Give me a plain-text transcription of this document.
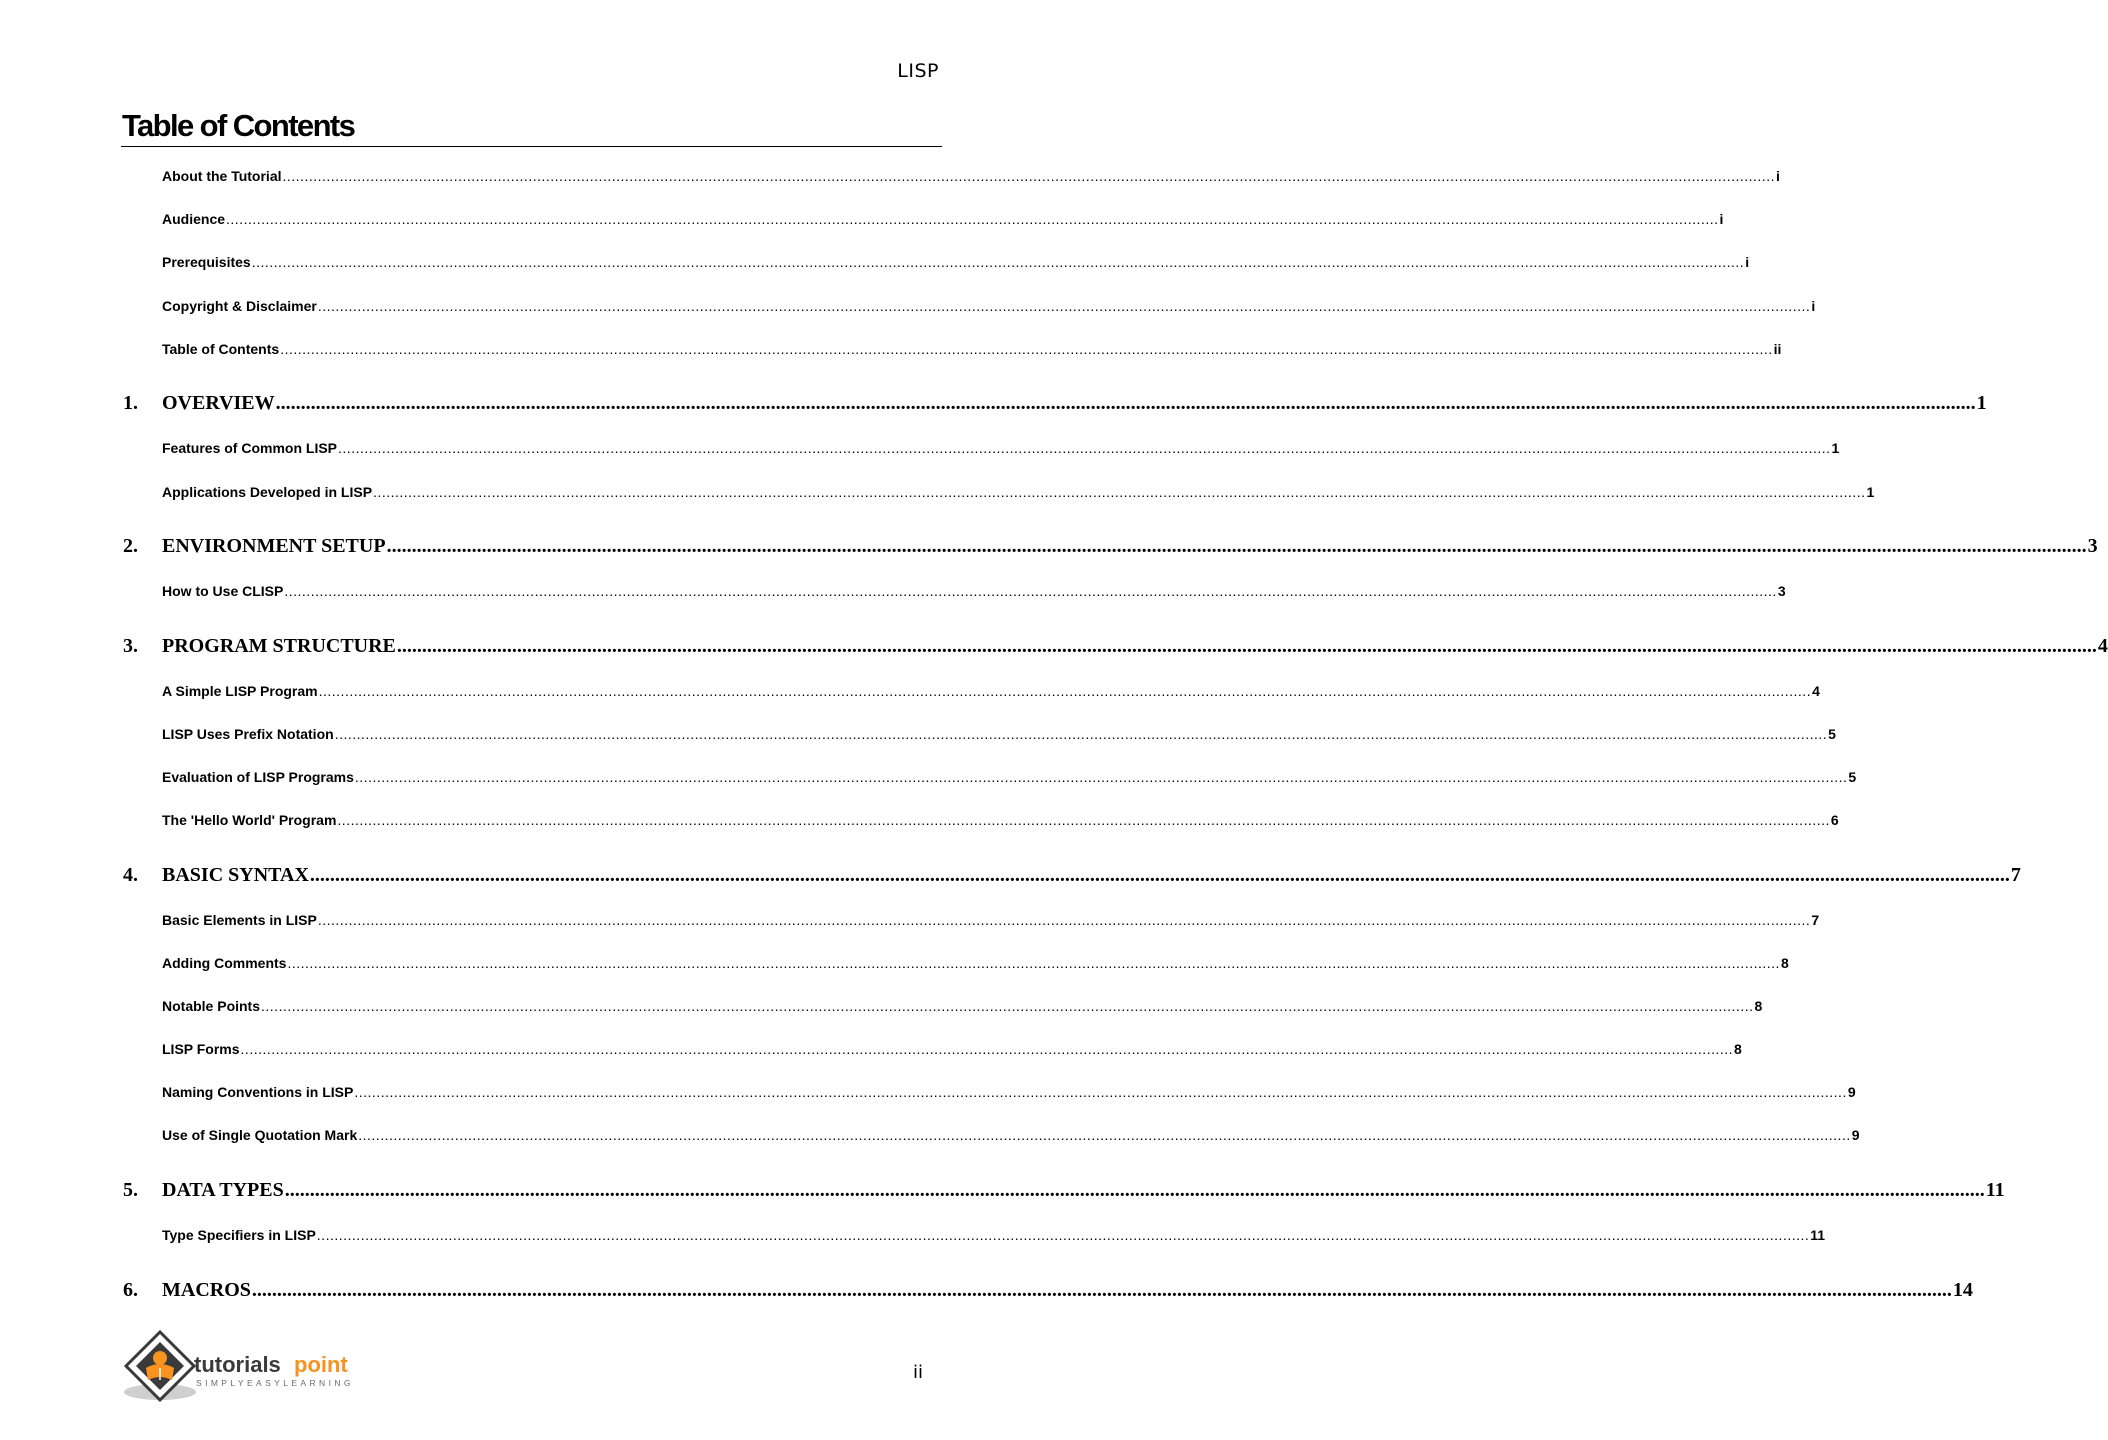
LISP
Table of Contents
About the Tutorial .....	i
Audience .....	i
Prerequisites .....	i
Copyright & Disclaimer .....	i
Table of Contents .....	ii
1.	OVERVIEW .....	1
Features of Common LISP .....	1
Applications Developed in LISP .....	1
2.	ENVIRONMENT SETUP .....	3
How to Use CLISP .....	3
3.	PROGRAM STRUCTURE .....	4
A Simple LISP Program .....	4
LISP Uses Prefix Notation .....	5
Evaluation of LISP Programs .....	5
The 'Hello World' Program .....	6
4.	BASIC SYNTAX .....	7
Basic Elements in LISP .....	7
Adding Comments .....	8
Notable Points .....	8
LISP Forms .....	8
Naming Conventions in LISP .....	9
Use of Single Quotation Mark .....	9
5.	DATA TYPES .....	11
Type Specifiers in LISP .....	11
6.	MACROS .....	14
tutorials point
SIMPLYEASYLEARNING	ii
